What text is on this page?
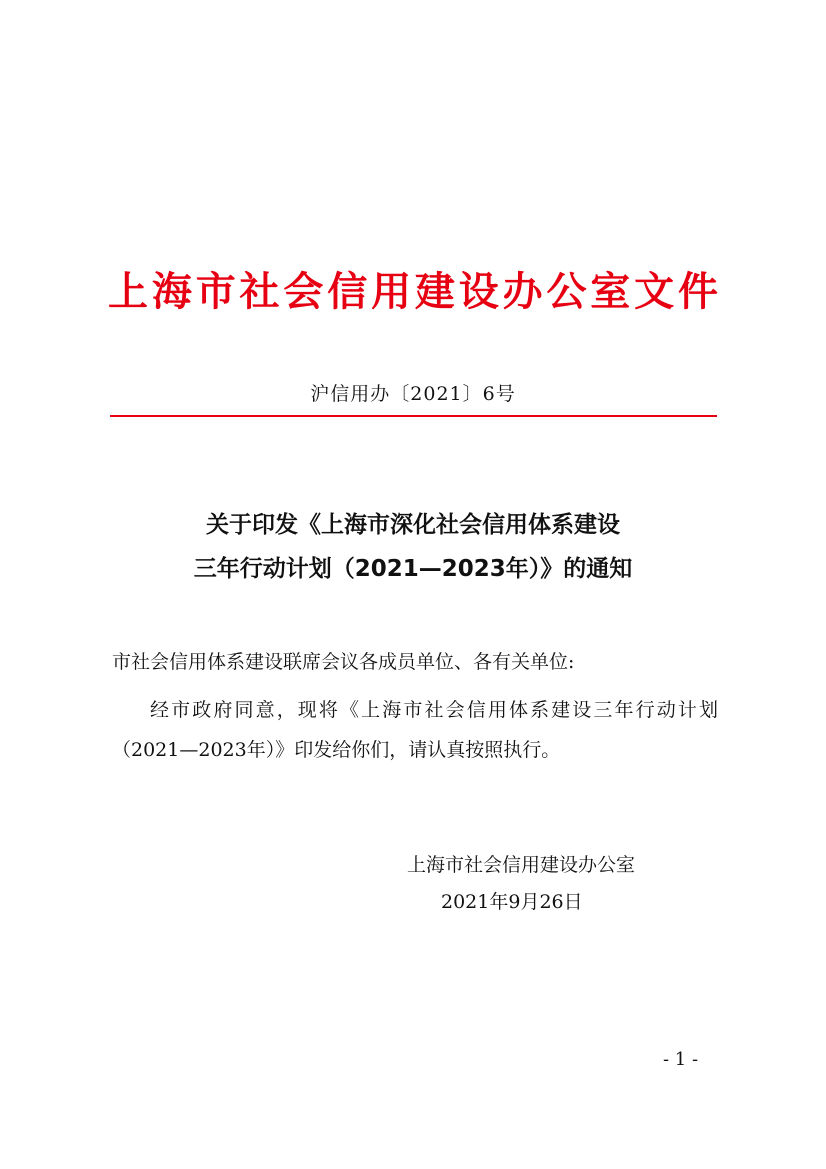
上 海 市 社 会 信 用 建 设 办 公 室 文 件
沪信用办〔2021〕6号
关于印发《上海市深化社会信用体系建设
三年行动计划（2021—2023年）》的通知
市社会信用体系建设联席会议各成员单位、各有关单位:
经市政府同意，现将《上海市社会信用体系建设三年行动计划（2021—2023年）》印发给你们，请认真按照执行。
上海市社会信用建设办公室
2021年9月26日
- 1 -
